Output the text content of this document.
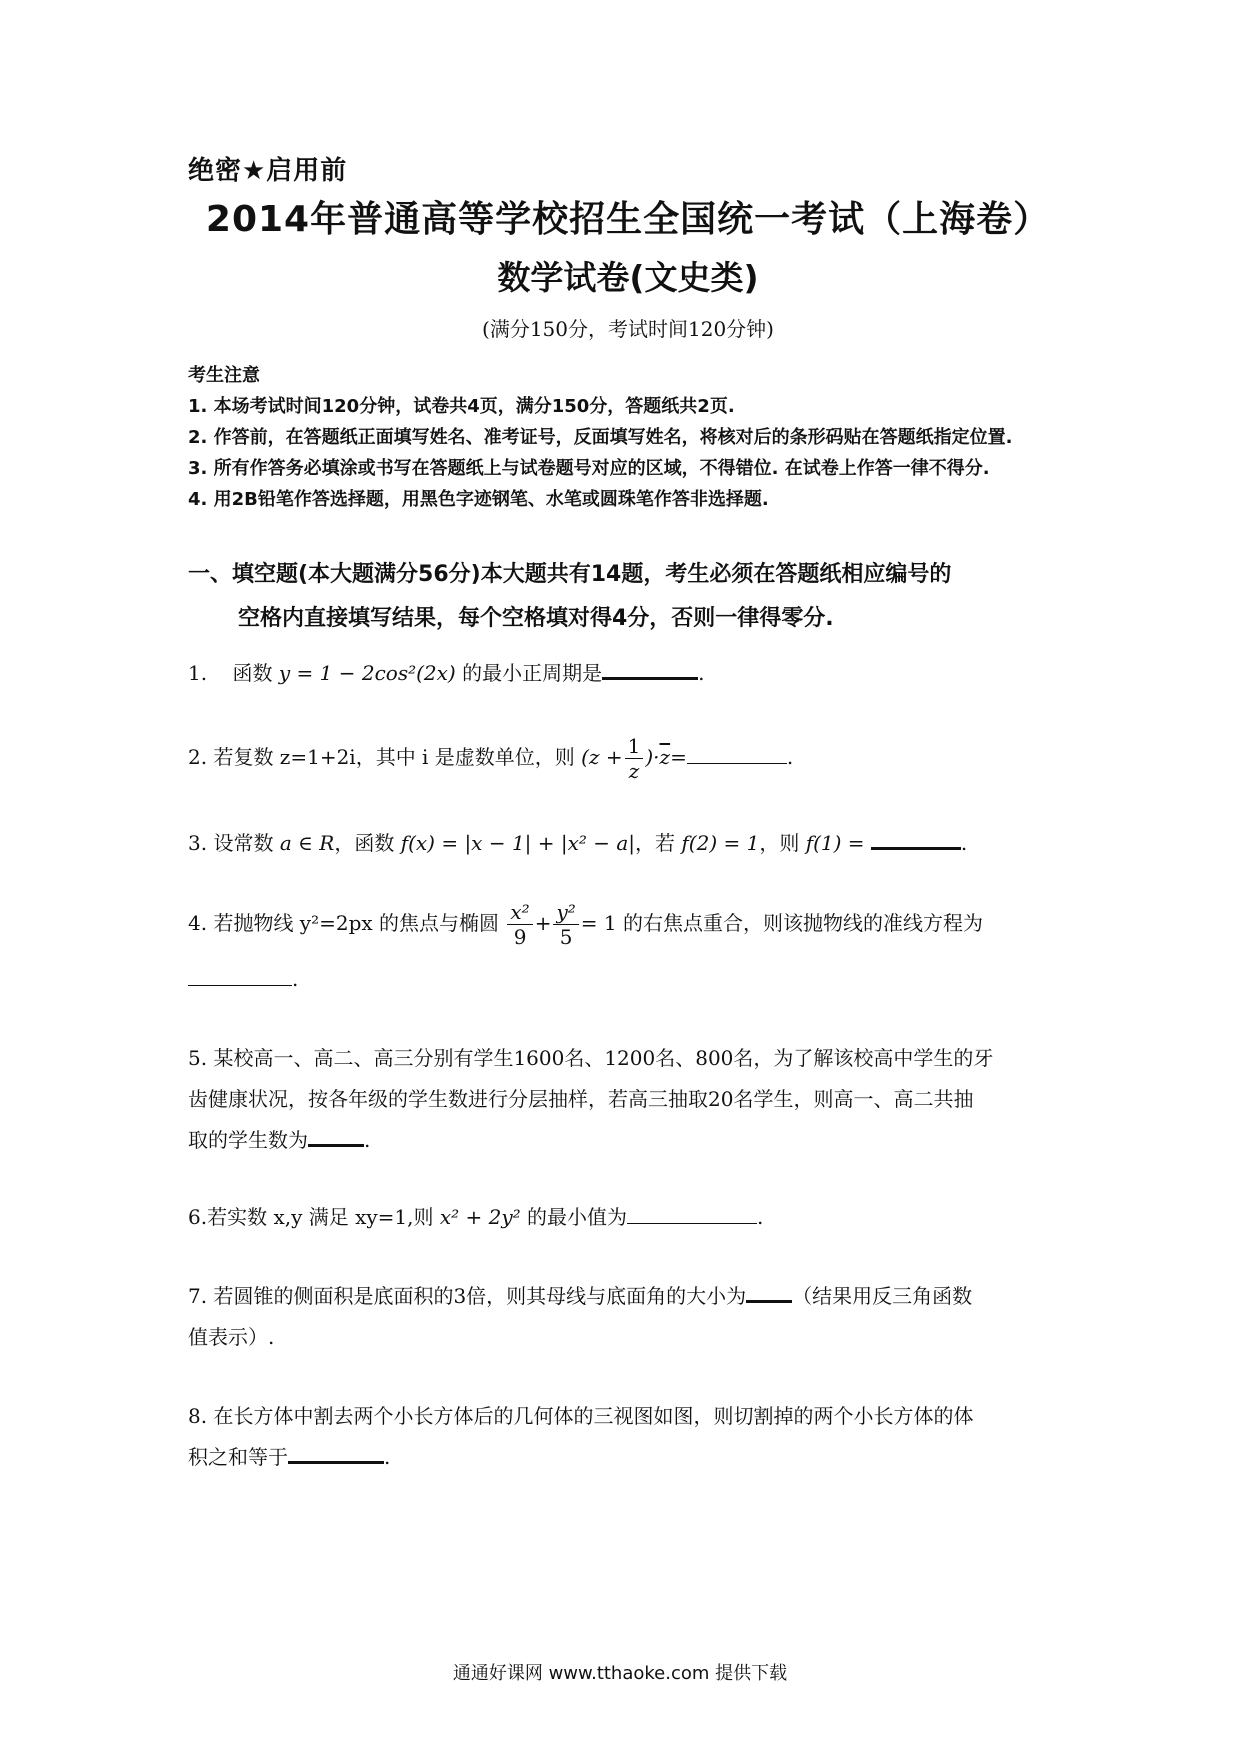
绝密★启用前

2014年普通高等学校招生全国统一考试（上海卷）

数学试卷(文史类)

(满分150分，考试时间120分钟)

考生注意

1. 本场考试时间120分钟，试卷共4页，满分150分，答题纸共2页.

2. 作答前，在答题纸正面填写姓名、准考证号，反面填写姓名，将核对后的条形码贴在答题纸指定位置.

3. 所有作答务必填涂或书写在答题纸上与试卷题号对应的区域，不得错位. 在试卷上作答一律不得分.

4. 用2B铅笔作答选择题，用黑色字迹钢笔、水笔或圆珠笔作答非选择题.

一、填空题(本大题满分56分)本大题共有14题，考生必须在答题纸相应编号的
空格内直接填写结果，每个空格填对得4分，否则一律得零分.

1. 函数 y = 1 − 2cos²(2x) 的最小正周期是	.

2. 若复数 z=1+2i，其中 i 是虚数单位，则 $(z + \frac{1}{z} )\cdot\overline{z}=$	.

3. 设常数 a ∈ R，函数 f(x) = |x − 1| + |x² − a|，若 f(2) = 1，则 f(1) =	.

4. 若抛物线 y²=2px 的焦点与椭圆 $\frac{\text{x²}}{9} + \frac{\text{y²}}{5} = 1$ 的右焦点重合，则该抛物线的准线方程为

.

5. 某校高一、高二、高三分别有学生1600名、1200名、800名，为了解该校高中学生的牙

齿健康状况，按各年级的学生数进行分层抽样，若高三抽取20名学生，则高一、高二共抽

取的学生数为	.

6.若实数 x,y 满足 xy=1,则 x² + 2y² 的最小值为	.

7. 若圆锥的侧面积是底面积的3倍，则其母线与底面角的大小为 （结果用反三角函数

值表示）.

8. 在长方体中割去两个小长方体后的几何体的三视图如图，则切割掉的两个小长方体的体

积之和等于	.

通通好课网 www.tthaoke.com 提供下载
